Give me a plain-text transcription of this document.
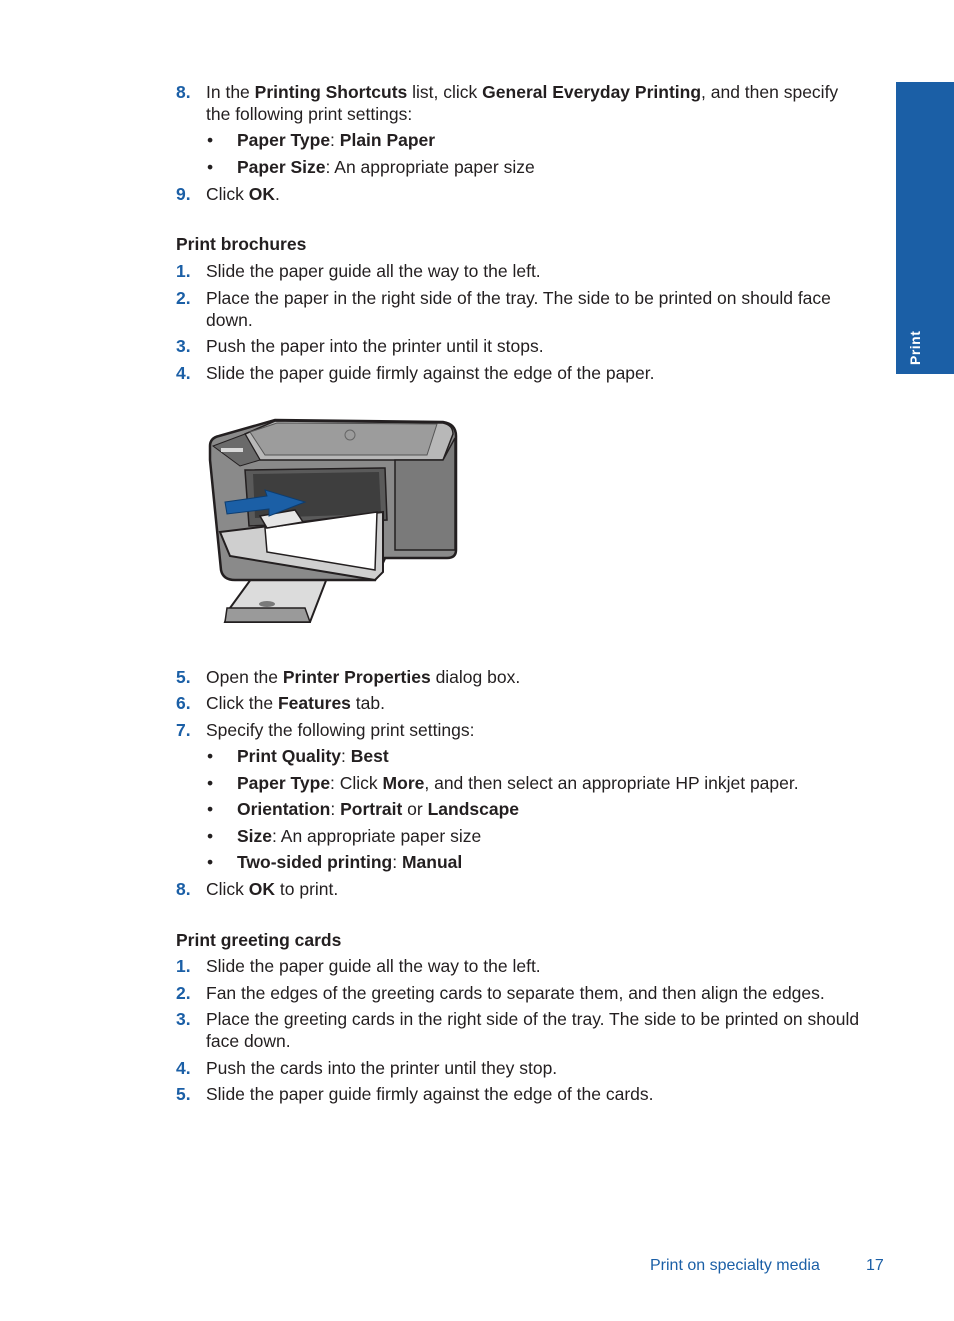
Print
8. In the Printing Shortcuts list, click General Everyday Printing, and then specify
the following print settings:
• Paper Type: Plain Paper
• Paper Size: An appropriate paper size
9. Click OK.
Print brochures
1. Slide the paper guide all the way to the left.
2. Place the paper in the right side of the tray. The side to be printed on should face
down.
3. Push the paper into the printer until it stops.
4. Slide the paper guide firmly against the edge of the paper.
5. Open the Printer Properties dialog box.
6. Click the Features tab.
7. Specify the following print settings:
• Print Quality: Best
• Paper Type: Click More, and then select an appropriate HP inkjet paper.
• Orientation: Portrait or Landscape
• Size: An appropriate paper size
• Two-sided printing: Manual
8. Click OK to print.
Print greeting cards
1. Slide the paper guide all the way to the left.
2. Fan the edges of the greeting cards to separate them, and then align the edges.
3. Place the greeting cards in the right side of the tray. The side to be printed on should
face down.
4. Push the cards into the printer until they stop.
5. Slide the paper guide firmly against the edge of the cards.
Print on specialty media	17
